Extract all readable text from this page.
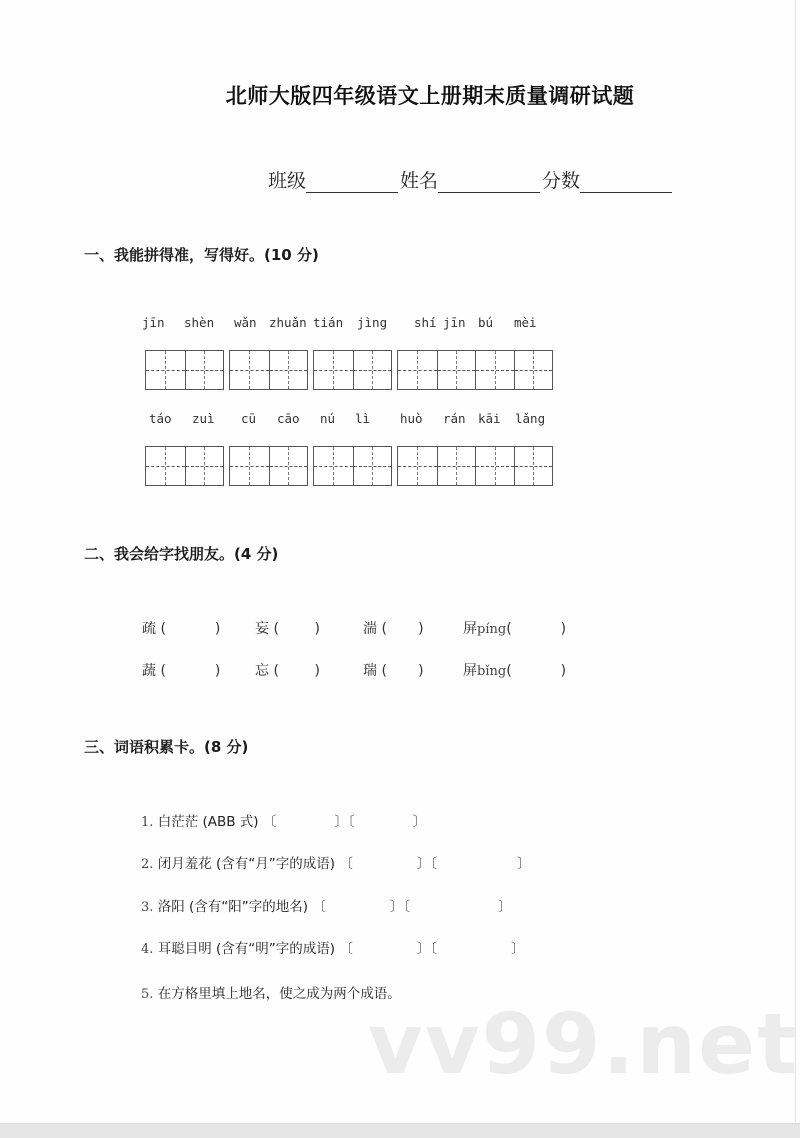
北师大版四年级语文上册期末质量调研试题
班级	姓名	分数
一、我能拼得准，写得好。(10 分)
jīn shèn wǎn zhuǎn tián jìng shí jīn bú mèi
táo zuì cū cāo nú lì huò rán kāi lǎng
二、我会给字找朋友。(4 分)
疏 (           ) 妄 (        )	湍 (       )	屏píng(           )
蔬 (           ) 忘 (        )	瑞 (       )	屏bǐng(           )
三、词语积累卡。(8 分)
1. 白茫茫 (ABB 式) 〔	〕〔	〕
2. 闭月羞花 (含有“月”字的成语) 〔	〕〔	〕
3. 洛阳 (含有“阳”字的地名) 〔	〕〔	〕
4. 耳聪目明 (含有“明”字的成语) 〔	〕〔	〕
5. 在方格里填上地名，使之成为两个成语。
vv99.net
